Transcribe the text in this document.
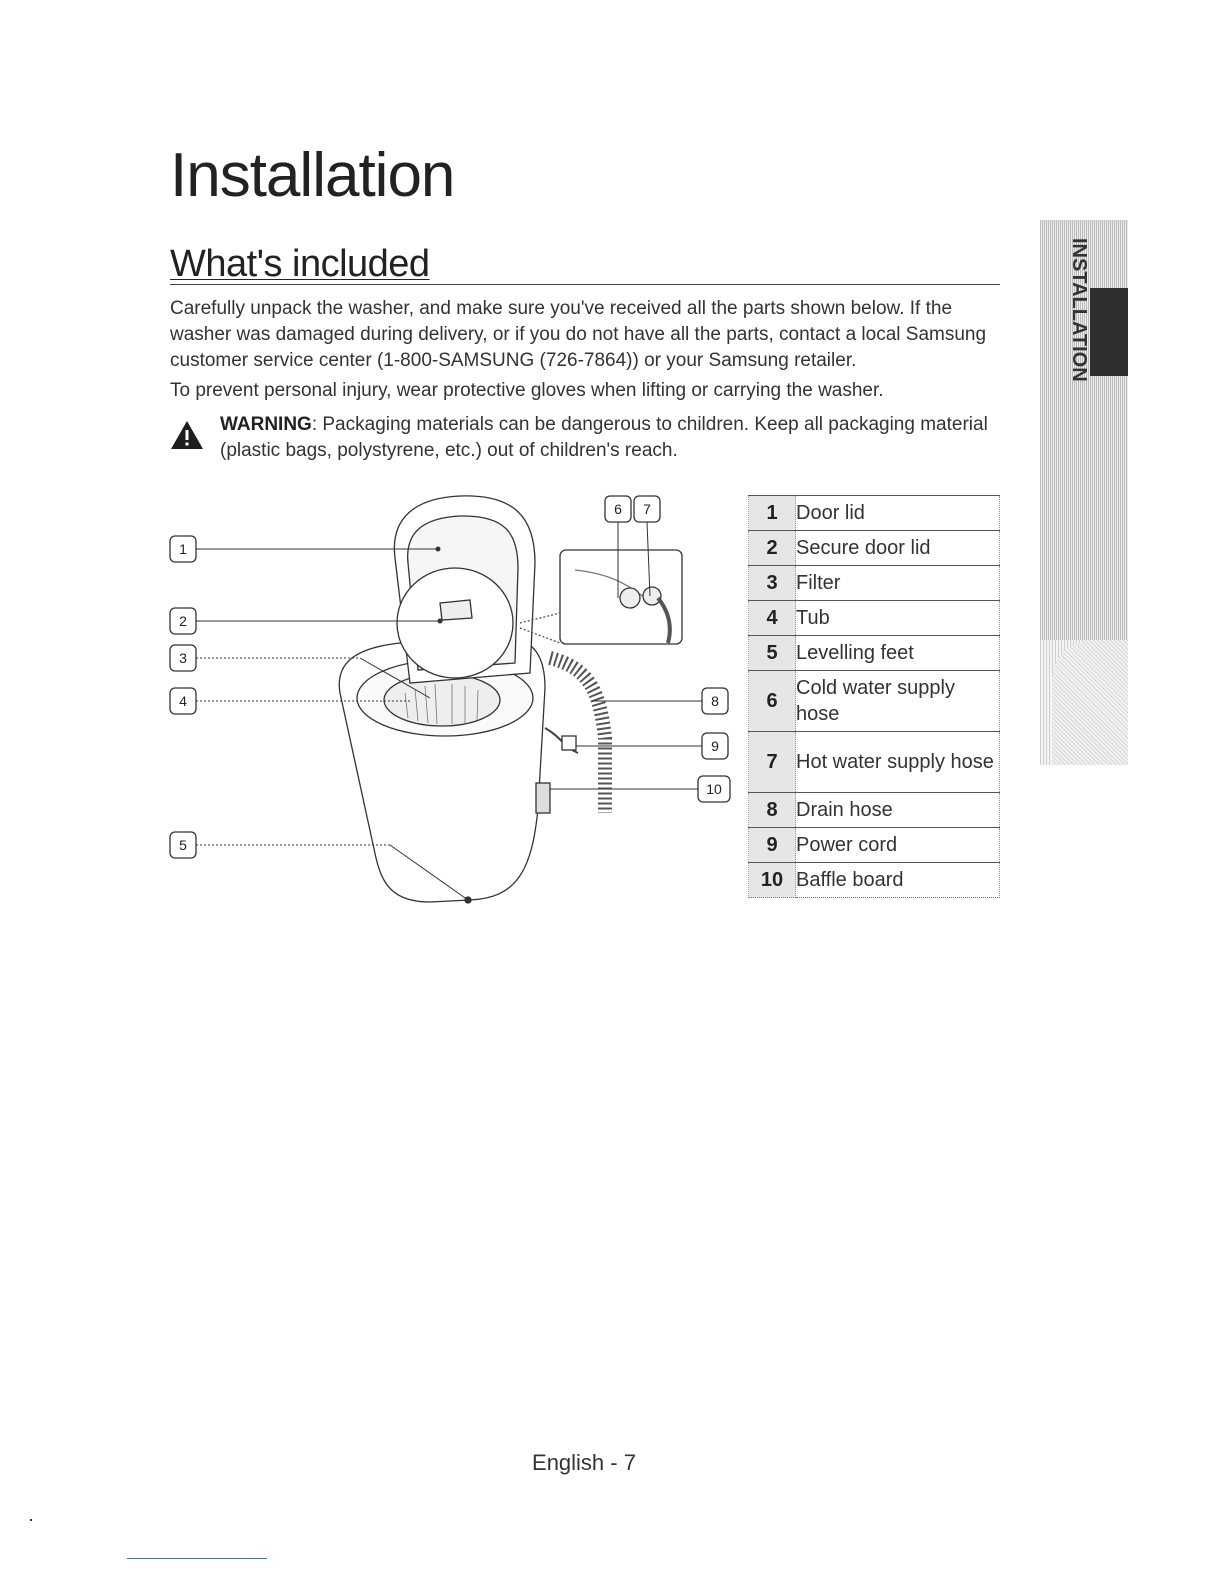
Installation
What's included

Carefully unpack the washer, and make sure you've received all the parts shown below. If the washer was damaged during delivery, or if you do not have all the parts, contact a local Samsung customer service center (1-800-SAMSUNG (726-7864)) or your Samsung retailer.

To prevent personal injury, wear protective gloves when lifting or carrying the washer.

WARNING: Packaging materials can be dangerous to children. Keep all packaging material (plastic bags, polystyrene, etc.) out of children's reach.

1
2
3
4
5
6 7
8
9
10
1	Door lid
2	Secure door lid
3	Filter
4	Tub
5	Levelling feet
6	Cold water supply hose
7	Hot water supply hose
8	Drain hose
9	Power cord
10	Baffle board
INSTALLATION

English - 7
